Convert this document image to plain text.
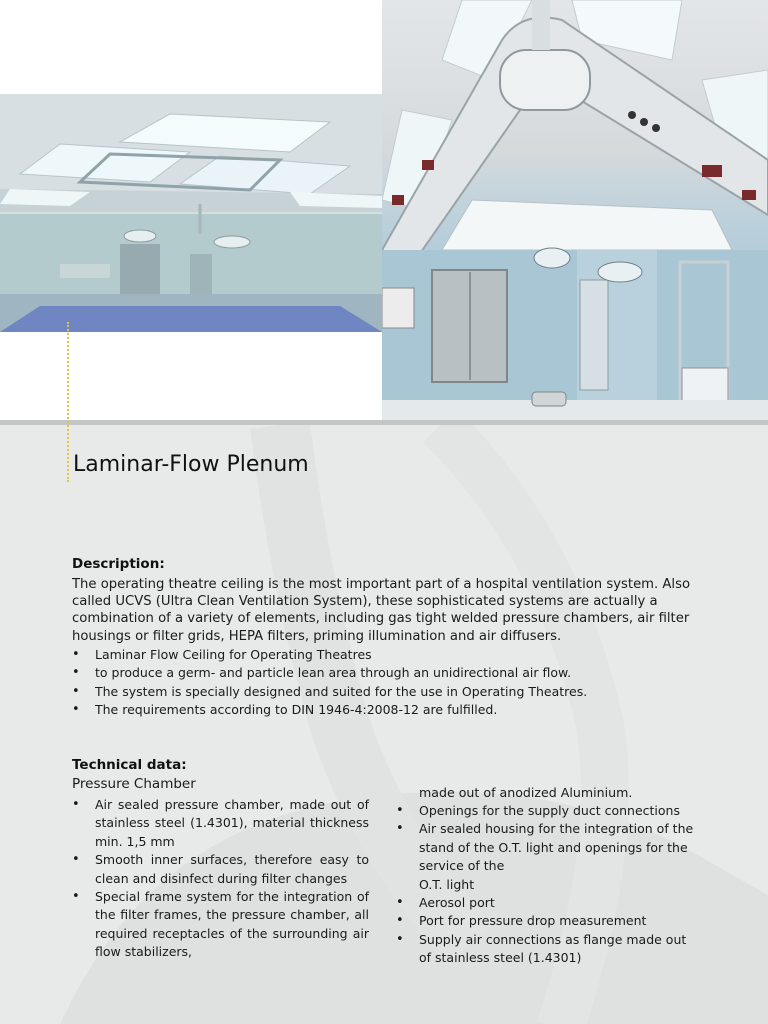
Laminar-Flow Plenum
Description:

The operating theatre ceiling is the most important part of a hospital ventilation system. Also called UCVS (Ultra Clean Ventilation System), these sophisticated systems are actually a combination of a variety of elements, including gas tight welded pressure chambers, air filter housings or filter grids, HEPA filters, priming illumination and air diffusers.

• Laminar Flow Ceiling for Operating Theatres
• to produce a germ- and particle lean area through an unidirectional air flow.
• The system is specially designed and suited for the use in Operating Theatres.
• The requirements according to DIN 1946-4:2008-12 are fulfilled.
Technical data:

Pressure Chamber

• Air sealed pressure chamber, made out of stainless steel (1.4301), material thickness min. 1,5 mm
• Smooth inner surfaces, therefore easy to clean and disinfect during filter changes
• Special frame system for the integration of the filter frames, the pressure chamber, all required receptacles of the surrounding air flow stabilizers,

made out of anodized Aluminium.

• Openings for the supply duct connections
• Air sealed housing for the integration of the stand of the O.T. light and openings for the service of the
O.T. light
• Aerosol port
• Port for pressure drop measurement
• Supply air connections as flange made out of stainless steel (1.4301)
